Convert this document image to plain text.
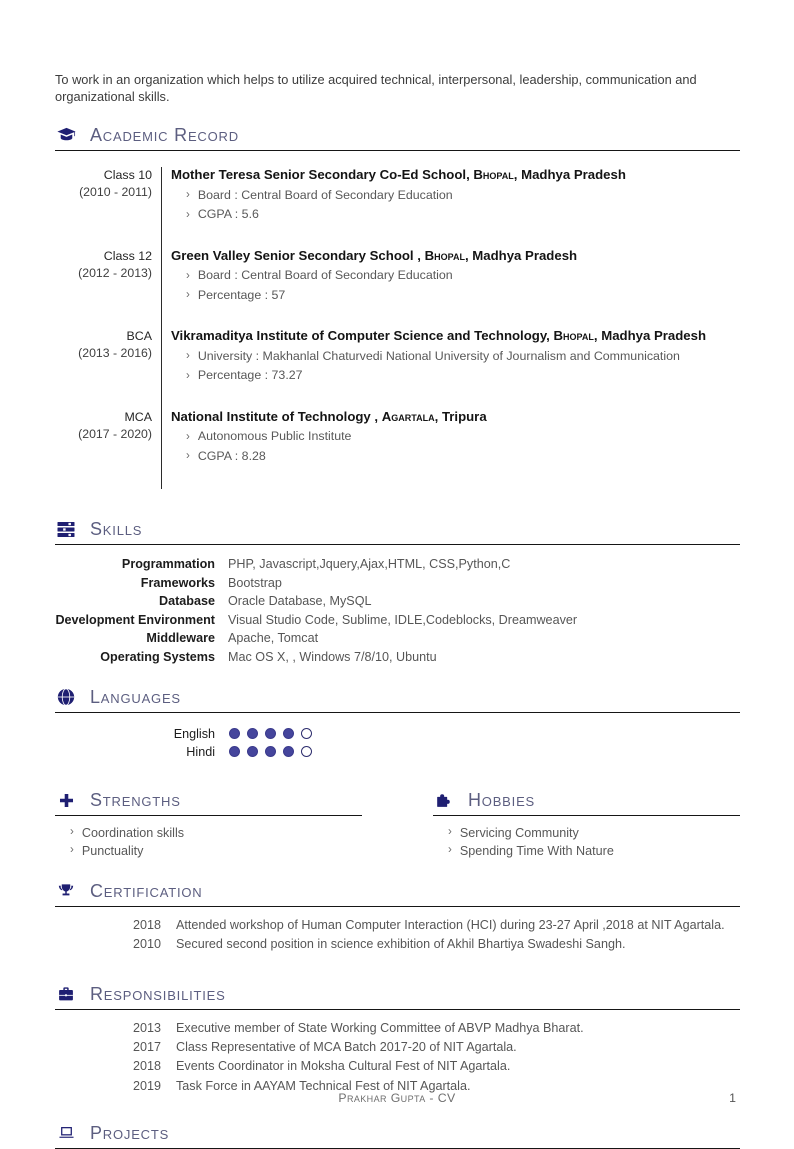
To work in an organization which helps to utilize acquired technical, interpersonal, leadership, communication and organizational skills.

Academic Record
Class 10
(2010 - 2011)
Mother Teresa Senior Secondary Co-Ed School, Bhopal, Madhya Pradesh
› Board : Central Board of Secondary Education
› CGPA : 5.6
Class 12
(2012 - 2013)
Green Valley Senior Secondary School , Bhopal, Madhya Pradesh
› Board : Central Board of Secondary Education
› Percentage : 57
BCA
(2013 - 2016)
Vikramaditya Institute of Computer Science and Technology, Bhopal, Madhya Pradesh
› University : Makhanlal Chaturvedi National University of Journalism and Communication
› Percentage : 73.27
MCA
(2017 - 2020)
National Institute of Technology , Agartala, Tripura
› Autonomous Public Institute
› CGPA : 8.28
Skills
Programmation PHP, Javascript,Jquery,Ajax,HTML, CSS,Python,C
Frameworks Bootstrap
Database Oracle Database, MySQL
Development Environment Visual Studio Code, Sublime, IDLE,Codeblocks, Dreamweaver
Middleware Apache, Tomcat
Operating Systems Mac OS X, , Windows 7/8/10, Ubuntu
Languages
English
Hindi
Strengths
› Coordination skills
› Punctuality
Hobbies
› Servicing Community
› Spending Time With Nature
Certification
2018 Attended workshop of Human Computer Interaction (HCI) during 23-27 April ,2018 at NIT Agartala.
2010 Secured second position in science exhibition of Akhil Bhartiya Swadeshi Sangh.
Responsibilities
2013 Executive member of State Working Committee of ABVP Madhya Bharat.
2017 Class Representative of MCA Batch 2017-20 of NIT Agartala.
2018 Events Coordinator in Moksha Cultural Fest of NIT Agartala.
2019 Task Force in AAYAM Technical Fest of NIT Agartala.
Projects
Prakhar Gupta - CV	1
